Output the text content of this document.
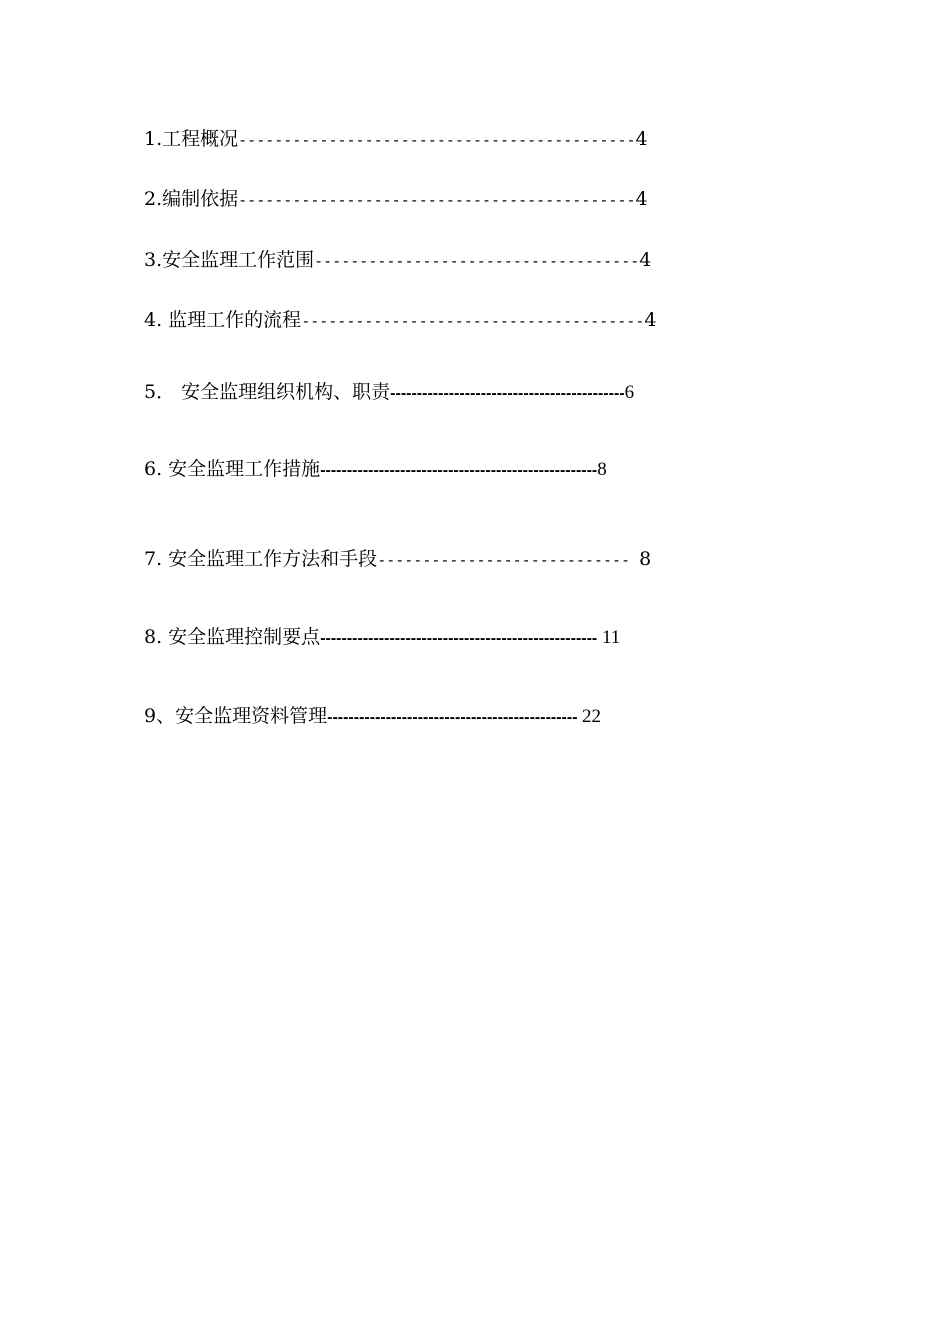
1.工程概况--------------------------------------------4
2.编制依据--------------------------------------------4
3.安全监理工作范围------------------------------------4
4. 监理工作的流程--------------------------------------4
5． 安全监理组织机构、职责--------------------------------------------6
6. 安全监理工作措施----------------------------------------------------8
7. 安全监理工作方法和手段---------------------------- 8
8. 安全监理控制要点---------------------------------------------------- 11
9、安全监理资料管理----------------------------------------------- 22
